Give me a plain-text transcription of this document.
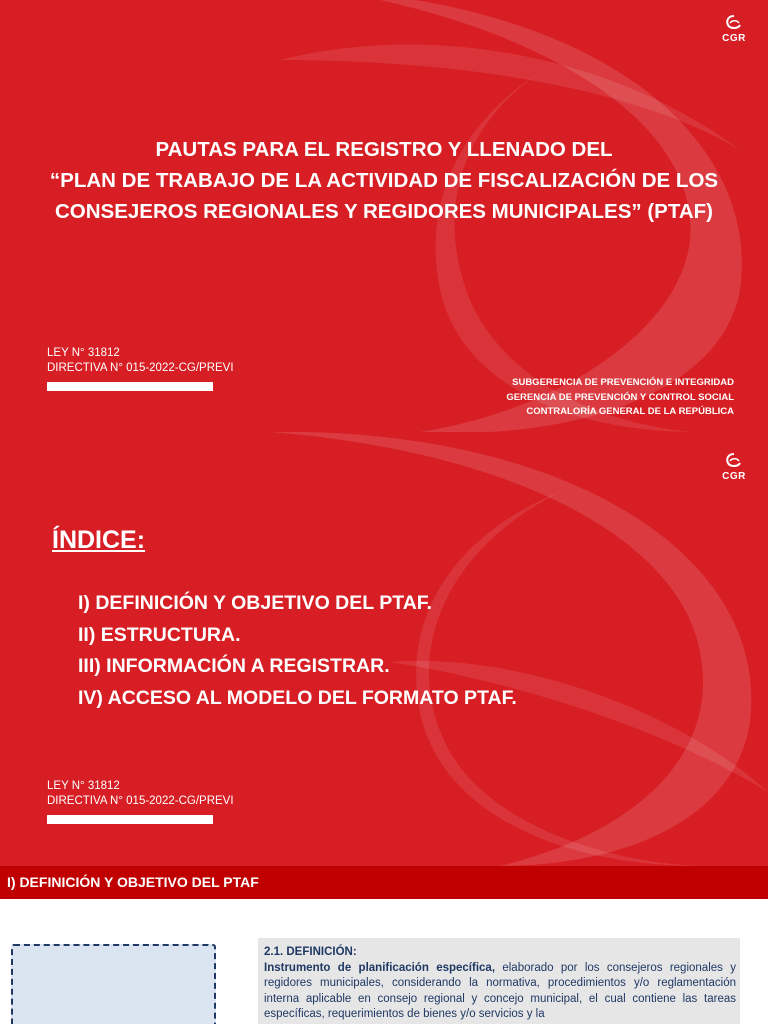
CGR
PAUTAS PARA EL REGISTRO Y LLENADO DEL
“PLAN DE TRABAJO DE LA ACTIVIDAD DE FISCALIZACIÓN DE LOS
CONSEJEROS REGIONALES Y REGIDORES MUNICIPALES” (PTAF)
LEY N° 31812
DIRECTIVA N° 015-2022-CG/PREVI
SUBGERENCIA DE PREVENCIÓN E INTEGRIDAD
GERENCIA DE PREVENCIÓN Y CONTROL SOCIAL
CONTRALORÍA GENERAL DE LA REPÚBLICA
CGR
ÍNDICE:
I) DEFINICIÓN Y OBJETIVO DEL PTAF.
II) ESTRUCTURA.
III) INFORMACIÓN A REGISTRAR.
IV) ACCESO AL MODELO DEL FORMATO PTAF.
LEY N° 31812
DIRECTIVA N° 015-2022-CG/PREVI
I) DEFINICIÓN Y OBJETIVO DEL PTAF
2.1. DEFINICIÓN:
Instrumento de planificación específica, elaborado por los consejeros regionales y regidores municipales, considerando la normativa, procedimientos y/o reglamentación interna aplicable en consejo regional y concejo municipal, el cual contiene las tareas específicas, requerimientos de bienes y/o servicios y la
